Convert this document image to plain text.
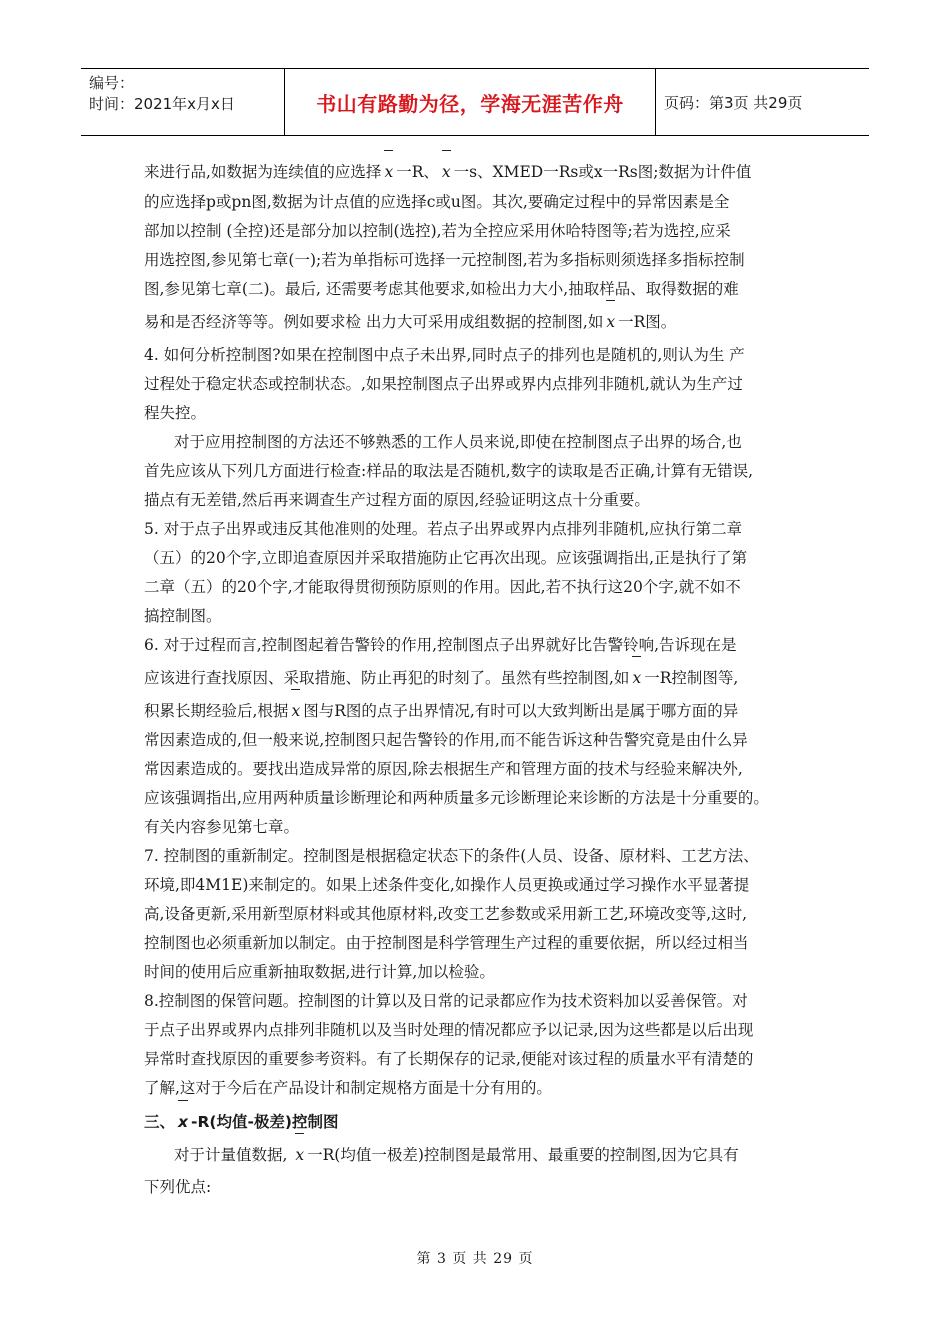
编号：
时间：2021年x月x日	书山有路勤为径，学海无涯苦作舟	页码：第3页 共29页
来进行品,如数据为连续值的应选择 x 一R、 x 一s、XMED一Rs或x一Rs图;数据为计件值
的应选择p或pn图,数据为计点值的应选择c或u图。其次,要确定过程中的异常因素是全
部加以控制 (全控)还是部分加以控制(选控),若为全控应采用休哈特图等;若为选控,应采
用选控图,参见第七章(一);若为单指标可选择一元控制图,若为多指标则须选择多指标控制
图,参见第七章(二)。最后, 还需要考虑其他要求,如检出力大小,抽取样品、取得数据的难
易和是否经济等等。例如要求检 出力大可采用成组数据的控制图,如 x 一R图。
4. 如何分析控制图?如果在控制图中点子未出界,同时点子的排列也是随机的,则认为生 产
过程处于稳定状态或控制状态。,如果控制图点子出界或界内点排列非随机,就认为生产过
程失控。
对于应用控制图的方法还不够熟悉的工作人员来说,即使在控制图点子出界的场合,也
首先应该从下列几方面进行检查:样品的取法是否随机,数字的读取是否正确,计算有无错误,
描点有无差错,然后再来调查生产过程方面的原因,经验证明这点十分重要。
5. 对于点子出界或违反其他准则的处理。若点子出界或界内点排列非随机,应执行第二章
（五）的20个字,立即追查原因并采取措施防止它再次出现。应该强调指出,正是执行了第
二章（五）的20个字,才能取得贯彻预防原则的作用。因此,若不执行这20个字,就不如不
搞控制图。
6. 对于过程而言,控制图起着告警铃的作用,控制图点子出界就好比告警铃响,告诉现在是
应该进行查找原因、采取措施、防止再犯的时刻了。虽然有些控制图,如 x 一R控制图等,
积累长期经验后,根据 x 图与R图的点子出界情况,有时可以大致判断出是属于哪方面的异
常因素造成的,但一般来说,控制图只起告警铃的作用,而不能告诉这种告警究竟是由什么异
常因素造成的。要找出造成异常的原因,除去根据生产和管理方面的技术与经验来解决外,
应该强调指出,应用两种质量诊断理论和两种质量多元诊断理论来诊断的方法是十分重要的。
有关内容参见第七章。
7. 控制图的重新制定。控制图是根据稳定状态下的条件(人员、设备、原材料、工艺方法、
环境,即4M1E)来制定的。如果上述条件变化,如操作人员更换或通过学习操作水平显著提
高,设备更新,采用新型原材料或其他原材料,改变工艺参数或采用新工艺,环境改变等,这时,
控制图也必须重新加以制定。由于控制图是科学管理生产过程的重要依据，所以经过相当
时间的使用后应重新抽取数据,进行计算,加以检验。
8.控制图的保管问题。控制图的计算以及日常的记录都应作为技术资料加以妥善保管。对
于点子出界或界内点排列非随机以及当时处理的情况都应予以记录,因为这些都是以后出现
异常时查找原因的重要参考资料。有了长期保存的记录,便能对该过程的质量水平有清楚的
了解,这对于今后在产品设计和制定规格方面是十分有用的。
三、 x -R(均值-极差)控制图
对于计量值数据, x 一R(均值一极差)控制图是最常用、最重要的控制图,因为它具有
下列优点:
第 3 页 共 29 页
